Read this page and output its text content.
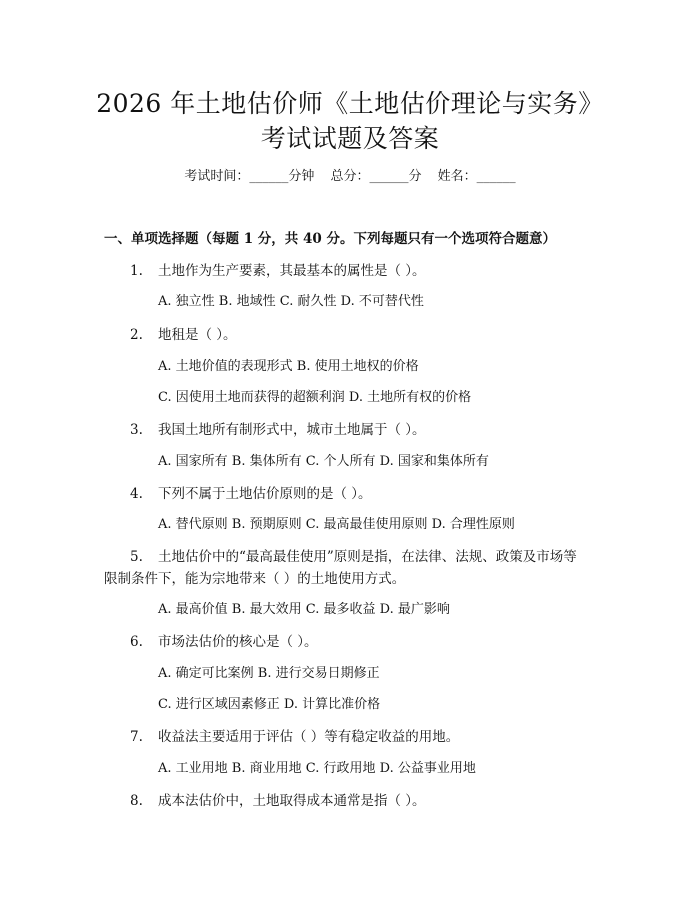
2026 年土地估价师《土地估价理论与实务》
考试试题及答案
考试时间：______分钟 总分：______分 姓名：______
一、单项选择题（每题 1 分，共 40 分。下列每题只有一个选项符合题意）
1. 土地作为生产要素，其最基本的属性是（ ）。
A. 独立性 B. 地域性 C. 耐久性 D. 不可替代性
2. 地租是（ ）。
A. 土地价值的表现形式 B. 使用土地权的价格
C. 因使用土地而获得的超额利润 D. 土地所有权的价格
3. 我国土地所有制形式中，城市土地属于（ ）。
A. 国家所有 B. 集体所有 C. 个人所有 D. 国家和集体所有
4. 下列不属于土地估价原则的是（ ）。
A. 替代原则 B. 预期原则 C. 最高最佳使用原则 D. 合理性原则
5. 土地估价中的“最高最佳使用”原则是指，在法律、法规、政策及市场等
限制条件下，能为宗地带来（ ）的土地使用方式。
A. 最高价值 B. 最大效用 C. 最多收益 D. 最广影响
6. 市场法估价的核心是（ ）。
A. 确定可比案例 B. 进行交易日期修正
C. 进行区域因素修正 D. 计算比准价格
7. 收益法主要适用于评估（ ）等有稳定收益的用地。
A. 工业用地 B. 商业用地 C. 行政用地 D. 公益事业用地
8. 成本法估价中，土地取得成本通常是指（ ）。
